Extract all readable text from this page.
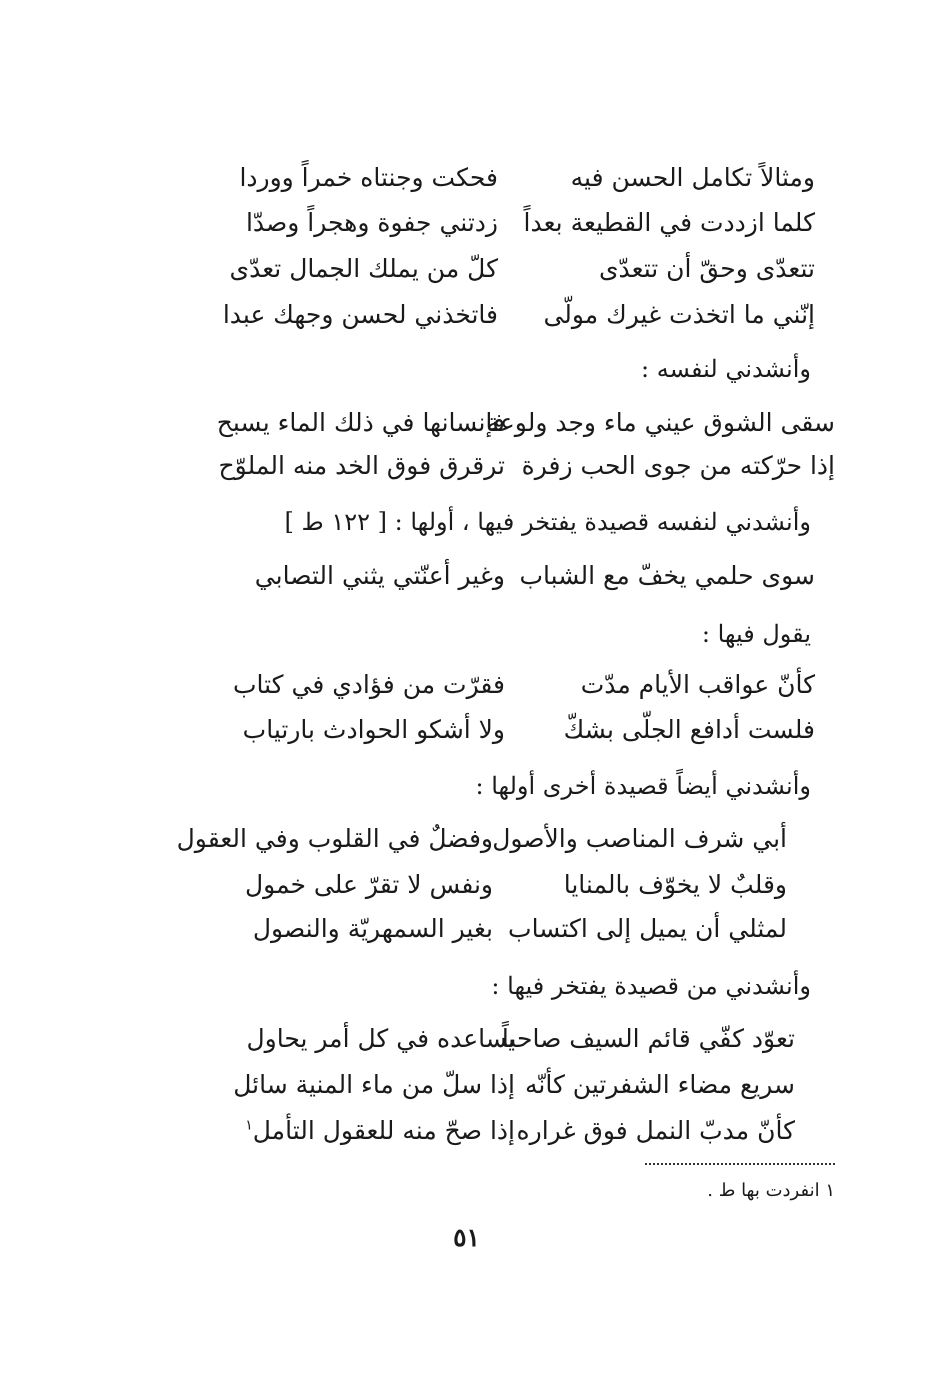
ومثالاً تكامل الحسن فيه
فحكت وجنتاه خمراً ووردا
كلما ازددت في القطيعة بعداً
زدتني جفوة وهجراً وصدّا
تتعدّى وحقّ أن تتعدّى
كلّ من يملك الجمال تعدّى
إنّني ما اتخذت غيرك مولّى
فاتخذني لحسن وجهك عبدا
وأنشدني لنفسه :
سقى الشوق عيني ماء وجد ولوعة
فإنسانها في ذلك الماء يسبح
إذا حرّكته من جوى الحب زفرة
ترقرق فوق الخد منه الملوّح
وأنشدني لنفسه قصيدة يفتخر فيها ، أولها : [ ١٢٢ ط ]
سوى حلمي يخفّ مع الشباب
وغير أعنّتي يثني التصابي
يقول فيها :
كأنّ عواقب الأيام مدّت
فقرّت من فؤادي في كتاب
فلست أدافع الجلّى بشكّ
ولا أشكو الحوادث بارتياب
وأنشدني أيضاً قصيدة أخرى أولها :
أبي شرف المناصب والأصول
وفضلٌ في القلوب وفي العقول
وقلبٌ لا يخوّف بالمنايا
ونفس لا تقرّ على خمول
لمثلي أن يميل إلى اكتساب
بغير السمهريّة والنصول
وأنشدني من قصيدة يفتخر فيها :
تعوّد كفّي قائم السيف صاحباً
يساعده في كل أمر يحاول
سريع مضاء الشفرتين كأنّه
إذا سلّ من ماء المنية سائل
كأنّ مدبّ النمل فوق غراره
إذا صحّ منه للعقول التأمل$^١$
١ انفردت بها ط .
٥١
